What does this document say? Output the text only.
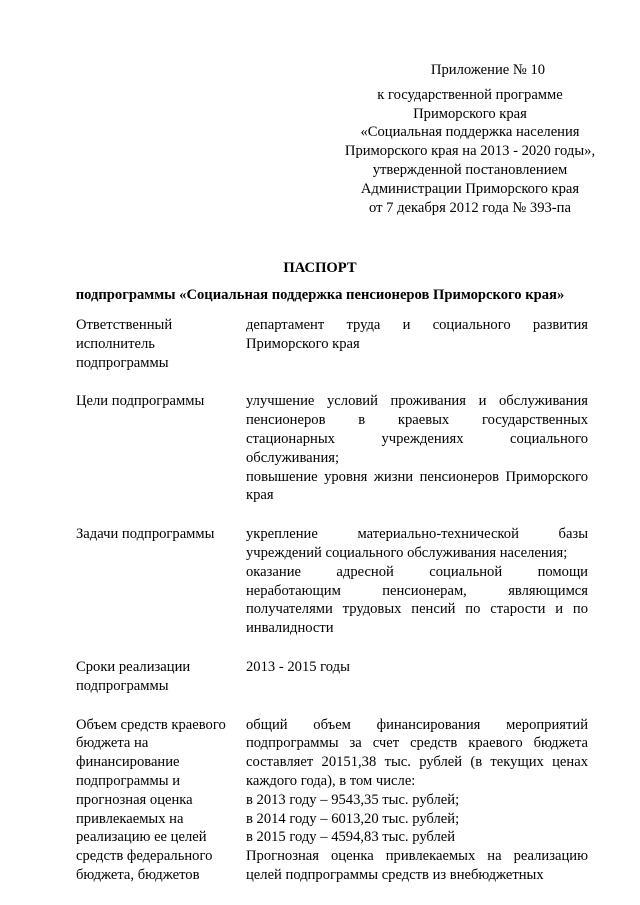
Приложение № 10
к государственной программе
Приморского края
«Социальная поддержка населения
Приморского края на 2013 - 2020 годы»,
утвержденной постановлением
Администрации Приморского края
от 7 декабря 2012 года № 393-па
ПАСПОРТ
подпрограммы «Социальная поддержка пенсионеров Приморского края»
Ответственный исполнитель подпрограммы

департамент труда и социального развития Приморского края

Цели подпрограммы	улучшение условий проживания и обслуживания пенсионеров в краевых государственных стационарных учреждениях социального обслуживания;

повышение уровня жизни пенсионеров Приморского края

Задачи подпрограммы	укрепление материально-технической базы учреждений социального обслуживания населения;

оказание адресной социальной помощи неработающим пенсионерам, являющимся получателями трудовых пенсий по старости и по инвалидности

Сроки реализации подпрограммы

2013 - 2015 годы

Объем средств краевого бюджета на финансирование подпрограммы и прогнозная оценка привлекаемых на реализацию ее целей средств федерального бюджета, бюджетов

общий объем финансирования мероприятий подпрограммы за счет средств краевого бюджета составляет 20151,38 тыс. рублей (в текущих ценах каждого года), в том числе:

в 2013 году – 9543,35 тыс. рублей;

в 2014 году – 6013,20 тыс. рублей;

в 2015 году – 4594,83 тыс. рублей

Прогнозная оценка привлекаемых на реализацию целей подпрограммы средств из внебюджетных
